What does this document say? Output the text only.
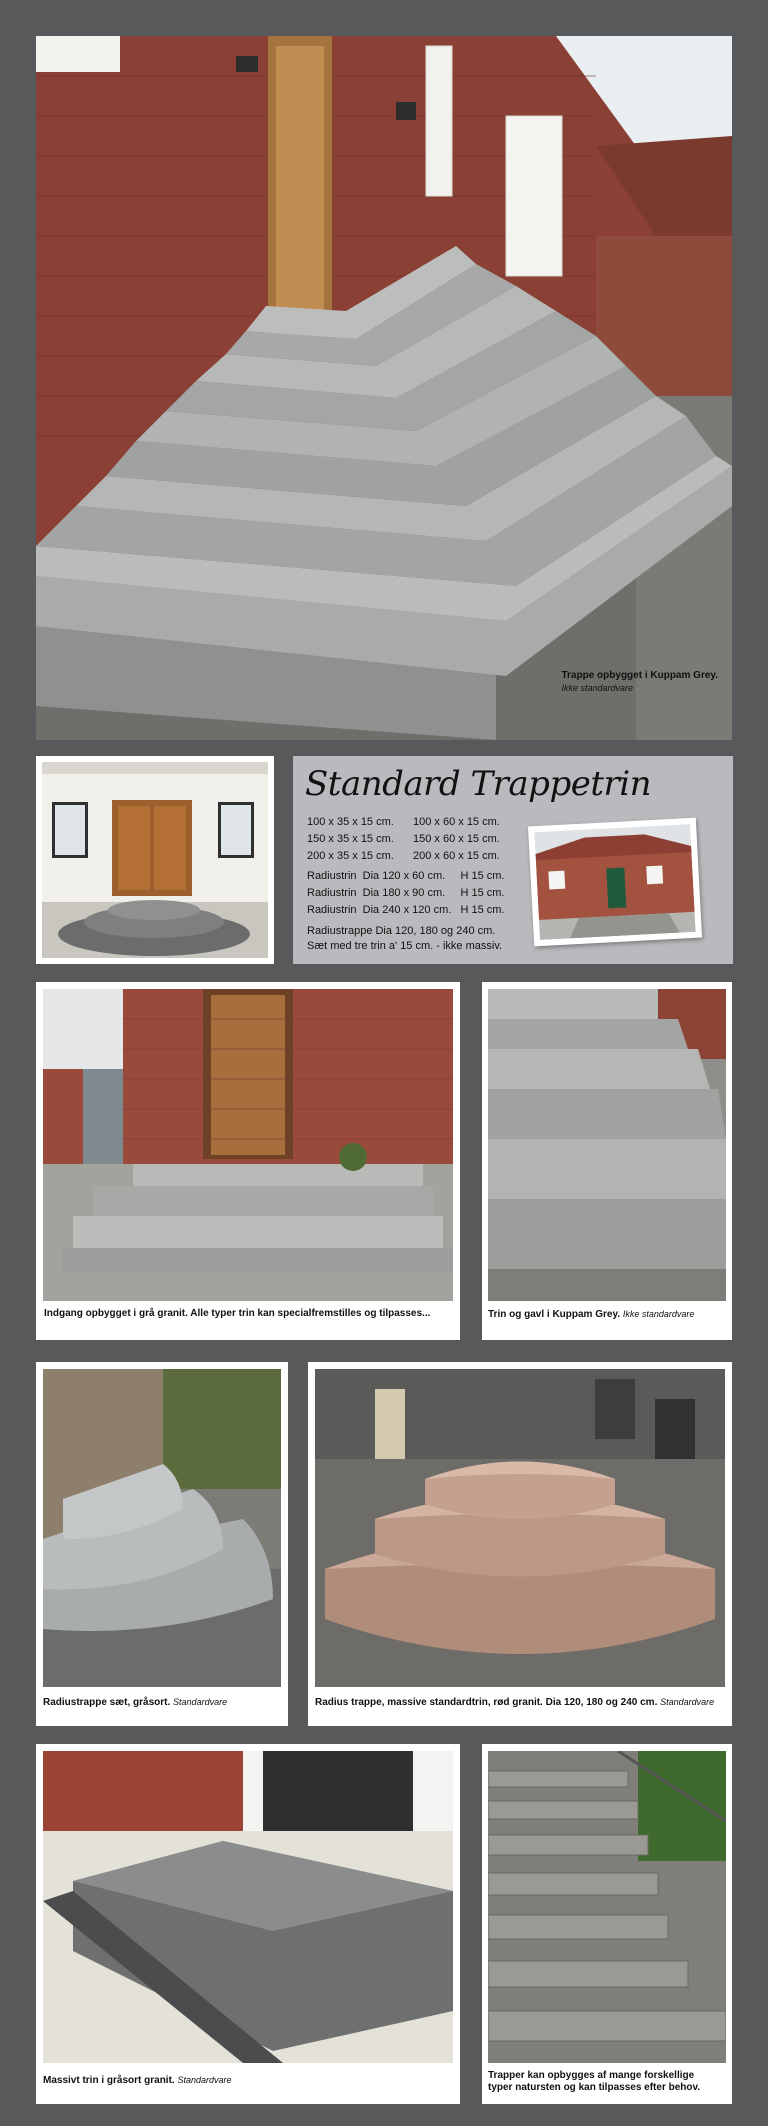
Trappe opbygget i Kuppam Grey.
Ikke standardvare
Standard Trappetrin
100 x 35 x 15 cm.	100 x 60 x 15 cm.
150 x 35 x 15 cm.	150 x 60 x 15 cm.
200 x 35 x 15 cm.	200 x 60 x 15 cm.
Radiustrin  Dia 120 x 60 cm.     H 15 cm.
Radiustrin  Dia 180 x 90 cm.     H 15 cm.
Radiustrin  Dia 240 x 120 cm.   H 15 cm.
Radiustrappe Dia 120, 180 og 240 cm.
Sæt med tre trin a' 15 cm. - ikke massiv.
Indgang opbygget i grå granit. Alle typer trin kan specialfremstilles og tilpasses...	Trin og gavl i Kuppam Grey. Ikke standardvare
Radiustrappe sæt, gråsort. Standardvare	Radius trappe, massive standardtrin, rød granit. Dia 120, 180 og 240 cm. Standardvare
Massivt trin i gråsort granit. Standardvare	Trapper kan opbygges af mange forskellige
typer natursten og kan tilpasses efter behov.
